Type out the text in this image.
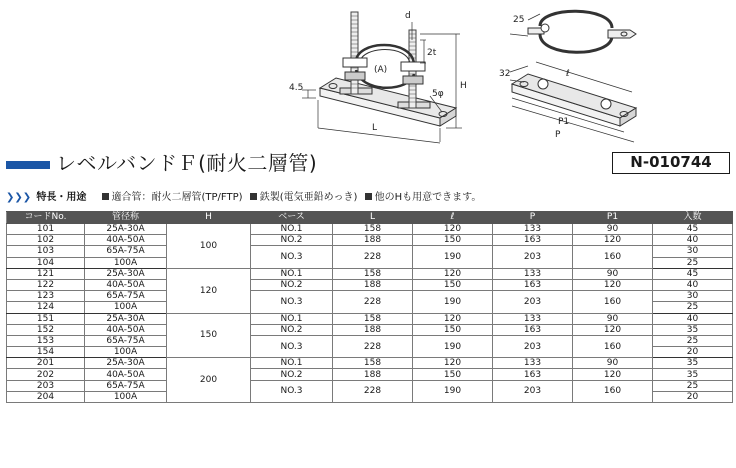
d
2t
(A)
H
L
4.5
5φ
25
32	ℓ
P1
P
レベルバンドＦ(耐火二層管)	N-010744
❯❯❯ 特長・用途	適合管：耐火二層管(TP/FTP) 鉄製(電気亜鉛めっき) 他のHも用意できます。
コードNo.	管径称	H	ベース	L	ℓ	P	P1	入数
101	25A-30A	100	NO.1	158	120	133	90	45
102	40A-50A		NO.2	188	150	163	120	40
103	65A-75A		NO.3	228	190	203	160	30
104	100A							25
121	25A-30A	120	NO.1	158	120	133	90	45
122	40A-50A		NO.2	188	150	163	120	40
123	65A-75A		NO.3	228	190	203	160	30
124	100A							25
151	25A-30A	150	NO.1	158	120	133	90	40
152	40A-50A		NO.2	188	150	163	120	35
153	65A-75A		NO.3	228	190	203	160	25
154	100A							20
201	25A-30A	200	NO.1	158	120	133	90	35
202	40A-50A		NO.2	188	150	163	120	35
203	65A-75A		NO.3	228	190	203	160	25
204	100A							20
